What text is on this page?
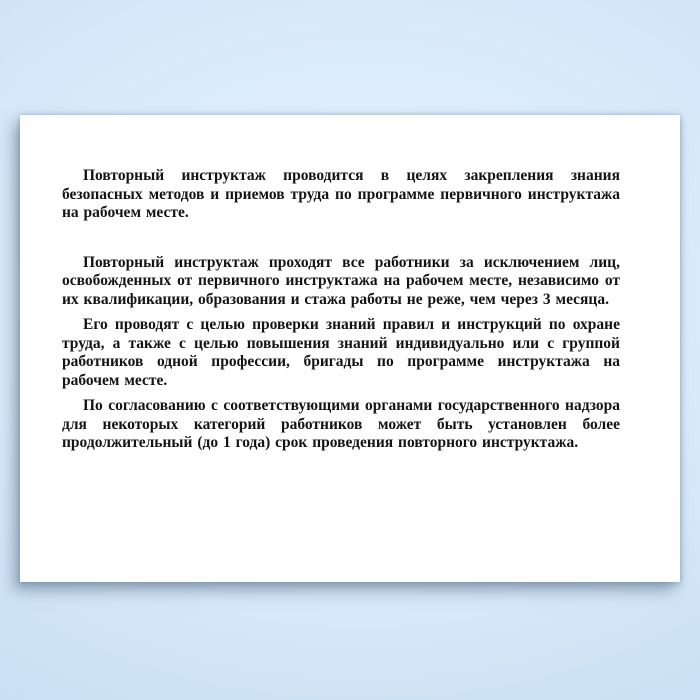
Повторный инструктаж проводится в целях закрепления знания безопасных методов и приемов труда по программе первичного инструктажа на рабочем месте.

Повторный инструктаж проходят все работники за исключением лиц, освобожденных от первичного инструктажа на рабочем месте, независимо от их квалификации, образования и стажа работы не реже, чем через 3 месяца.

Его проводят с целью проверки знаний правил и инструкций по охране труда, а также с целью повышения знаний индивидуально или с группой работников одной профессии, бригады по программе инструктажа на рабочем месте.

По согласованию с соответствующими органами государственного надзора для некоторых категорий работников может быть установлен более продолжительный (до 1 года) срок проведения повторного инструктажа.
